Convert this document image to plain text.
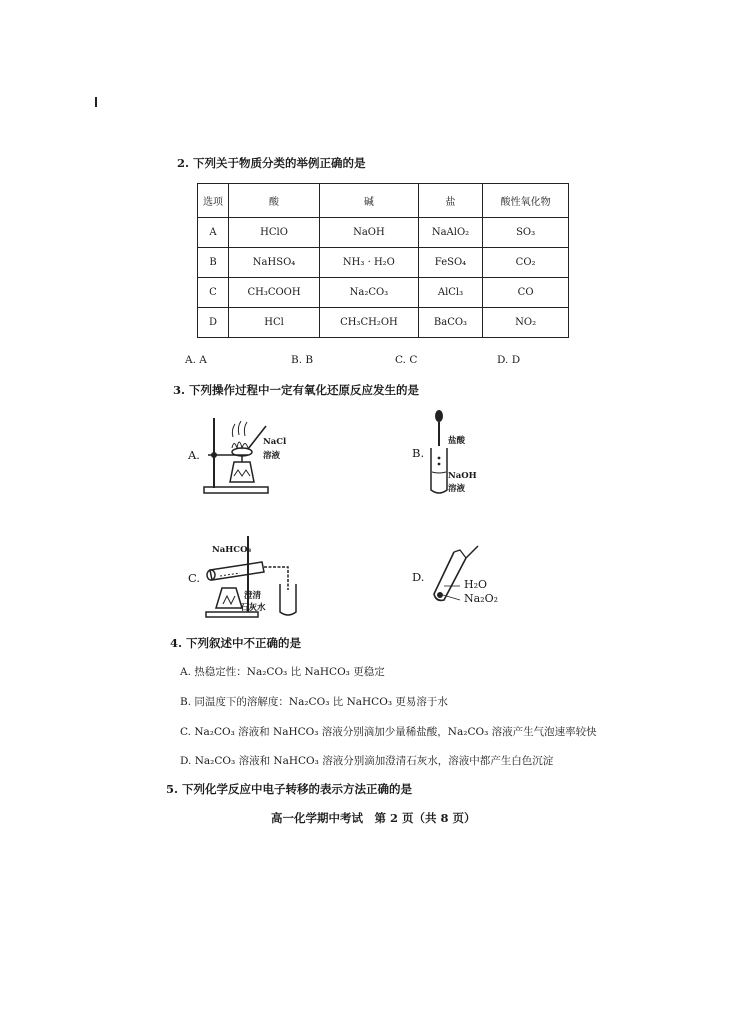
2. 下列关于物质分类的举例正确的是
选项	酸	碱	盐	酸性氧化物
A	HClO	NaOH	NaAlO₂	SO₃
B	NaHSO₄	NH₃ · H₂O	FeSO₄	CO₂
C	CH₃COOH	Na₂CO₃	AlCl₃	CO
D	HCl	CH₃CH₂OH	BaCO₃	NO₂
A. A	B. B	C. C	D. D
3. 下列操作过程中一定有氧化还原反应发生的是
A.
NaCl
溶液	B.
盐酸
NaOH
溶液
C.
NaHCO₃
澄清
石灰水
D.
H₂O
Na₂O₂
4. 下列叙述中不正确的是
A. 热稳定性：Na₂CO₃ 比 NaHCO₃ 更稳定
B. 同温度下的溶解度：Na₂CO₃ 比 NaHCO₃ 更易溶于水
C. Na₂CO₃ 溶液和 NaHCO₃ 溶液分别滴加少量稀盐酸，Na₂CO₃ 溶液产生气泡速率较快
D. Na₂CO₃ 溶液和 NaHCO₃ 溶液分别滴加澄清石灰水，溶液中都产生白色沉淀
5. 下列化学反应中电子转移的表示方法正确的是
高一化学期中考试　第 2 页（共 8 页）
